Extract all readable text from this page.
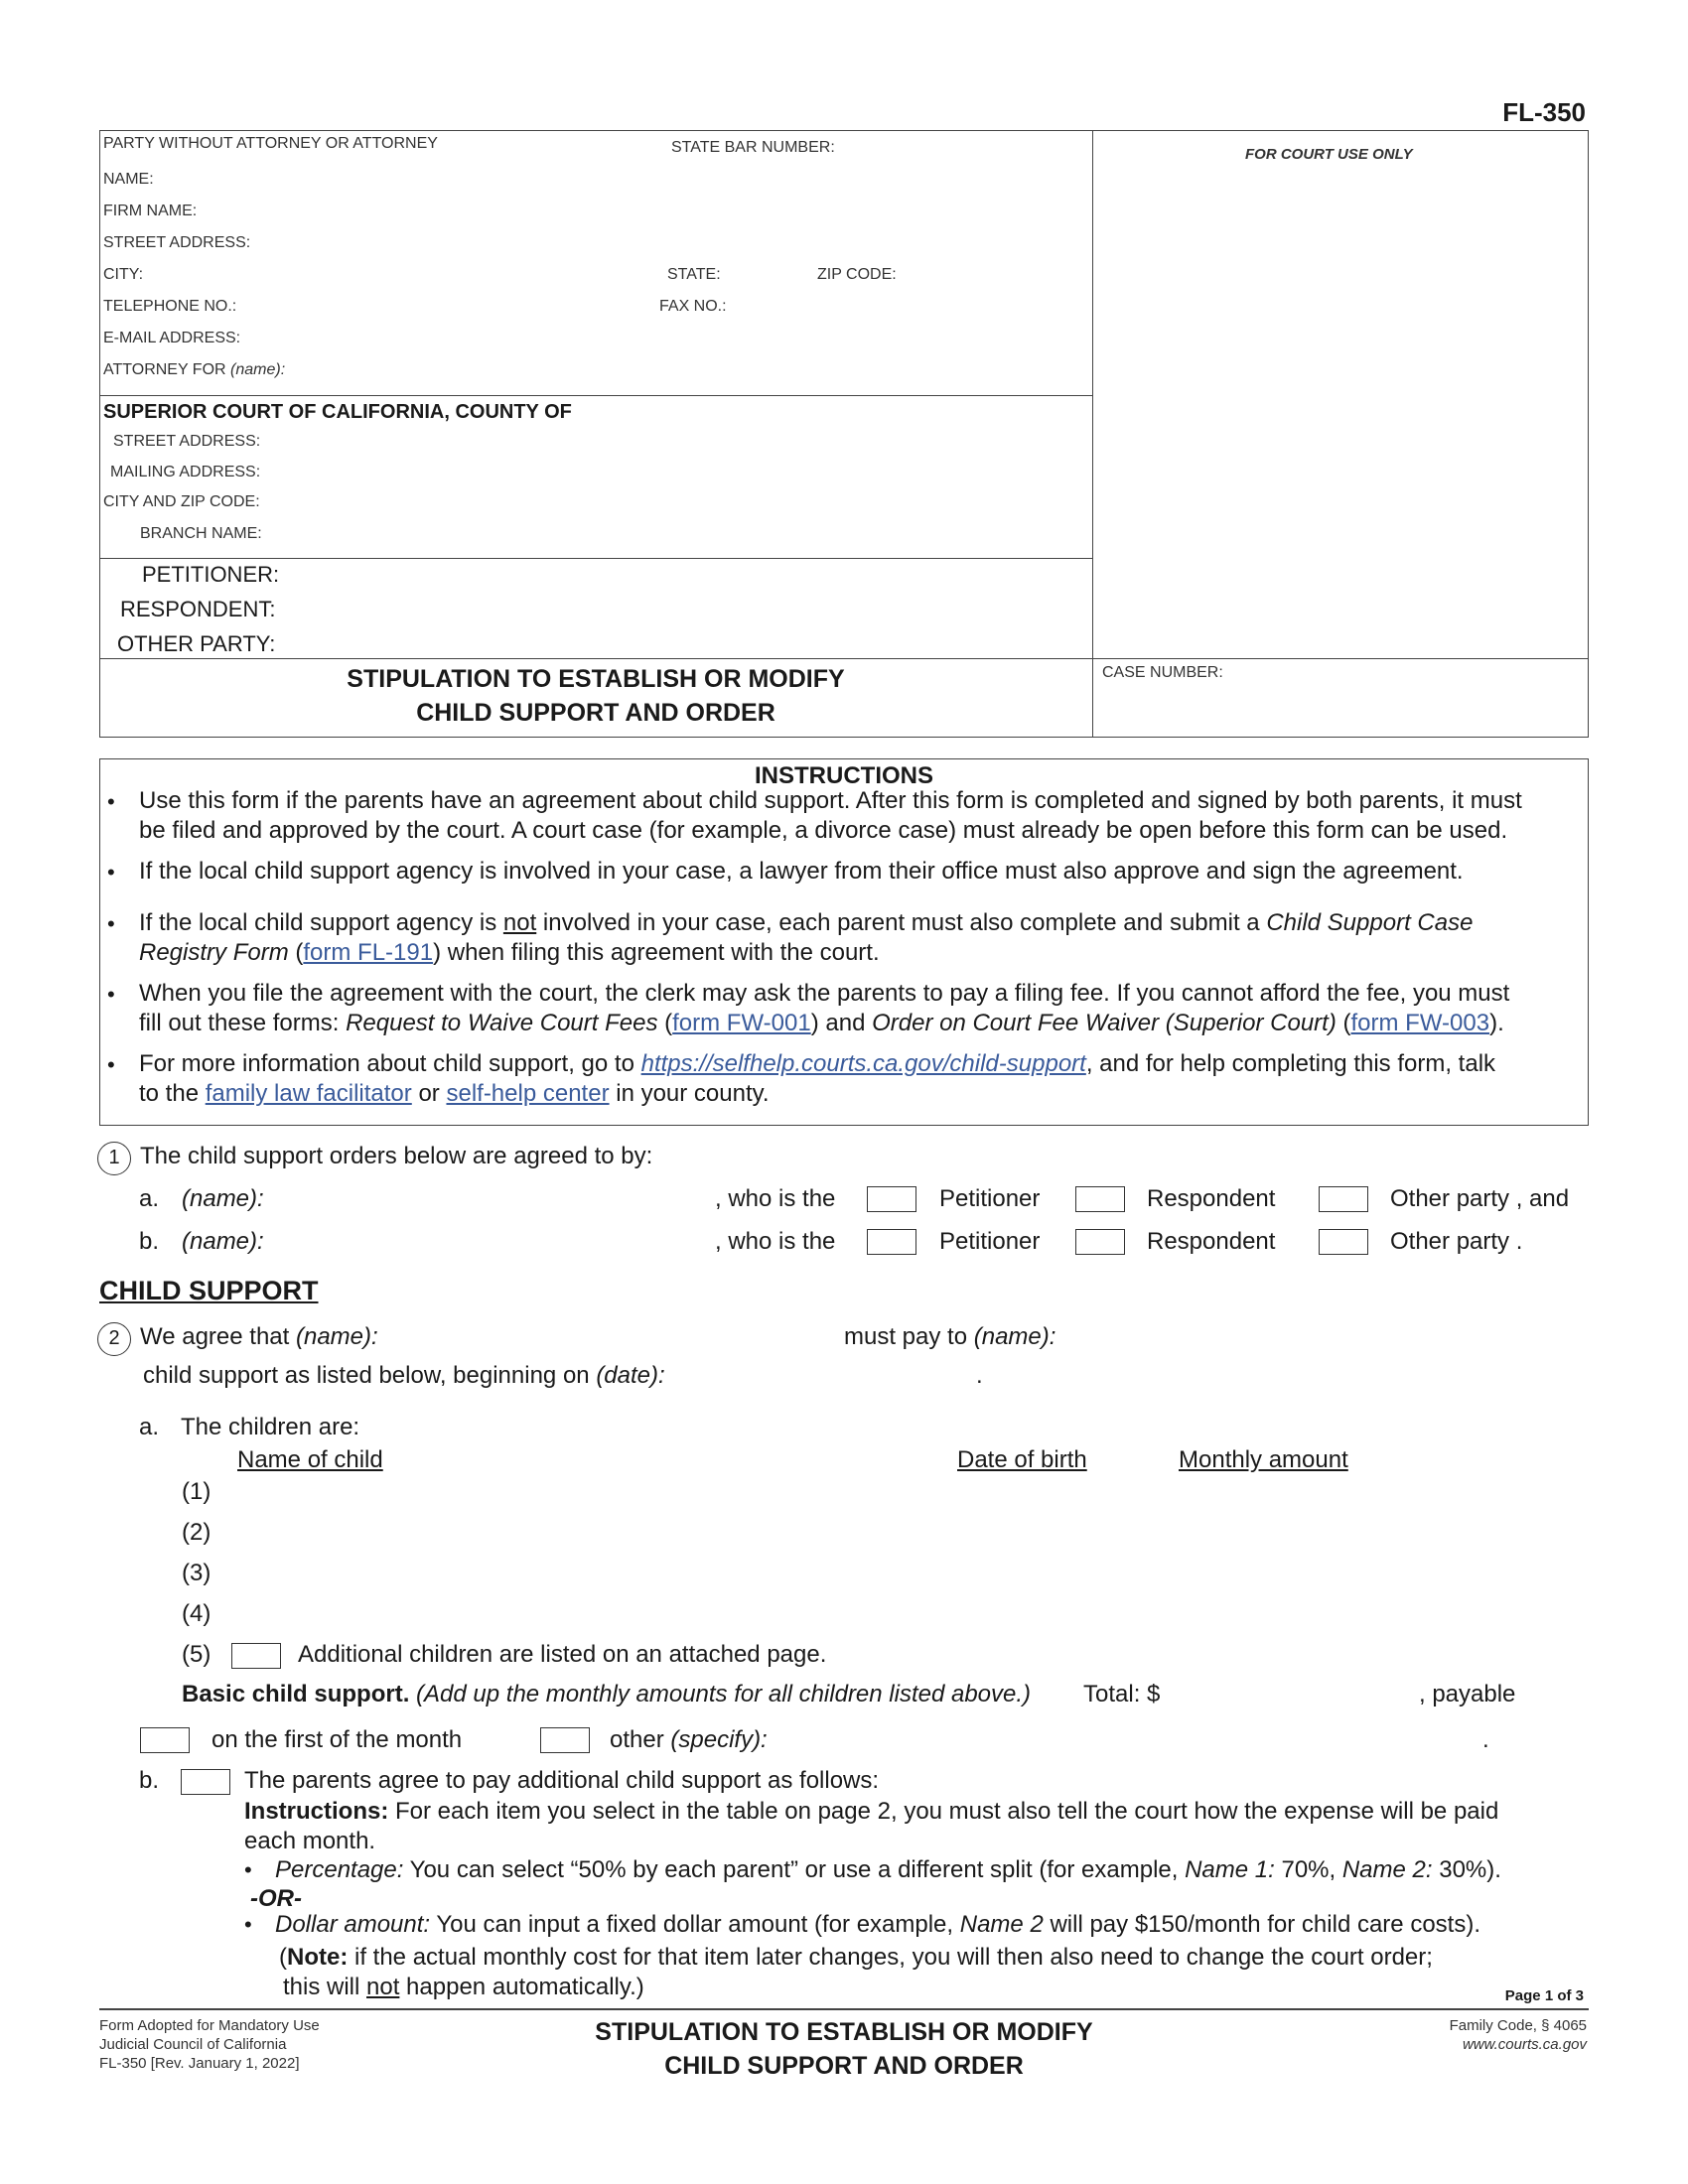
FL-350
PARTY WITHOUT ATTORNEY OR ATTORNEY	STATE BAR NUMBER:	FOR COURT USE ONLY
NAME:
FIRM NAME:
STREET ADDRESS:
CITY:	STATE:	ZIP CODE:
TELEPHONE NO.:	FAX NO.:
E-MAIL ADDRESS:
ATTORNEY FOR (name):
SUPERIOR COURT OF CALIFORNIA, COUNTY OF
STREET ADDRESS:
MAILING ADDRESS:
CITY AND ZIP CODE:
BRANCH NAME:
PETITIONER:
RESPONDENT:
OTHER PARTY:
STIPULATION TO ESTABLISH OR MODIFY
CHILD SUPPORT AND ORDER
CASE NUMBER:
INSTRUCTIONS
• Use this form if the parents have an agreement about child support. After this form is completed and signed by both parents, it must
be filed and approved by the court. A court case (for example, a divorce case) must already be open before this form can be used.
• If the local child support agency is involved in your case, a lawyer from their office must also approve and sign the agreement.
• If the local child support agency is not involved in your case, each parent must also complete and submit a Child Support Case
Registry Form (form FL-191) when filing this agreement with the court.
• When you file the agreement with the court, the clerk may ask the parents to pay a filing fee. If you cannot afford the fee, you must
fill out these forms: Request to Waive Court Fees (form FW-001) and Order on Court Fee Waiver (Superior Court) (form FW-003).
• For more information about child support, go to https://selfhelp.courts.ca.gov/child-support, and for help completing this form, talk
to the family law facilitator or self-help center in your county.
1 The child support orders below are agreed to by:
a. (name):	, who is the	Petitioner	Respondent	Other party , and
b. (name):	, who is the	Petitioner	Respondent	Other party .
CHILD SUPPORT
2 We agree that (name):	must pay to (name):
child support as listed below, beginning on (date):	.
a. The children are:
Name of child	Date of birth	Monthly amount
(1)
(2)
(3)
(4)
(5)	Additional children are listed on an attached page.
Basic child support. (Add up the monthly amounts for all children listed above.) Total: $	, payable
on the first of the month	other (specify):	.
b.	The parents agree to pay additional child support as follows:
Instructions: For each item you select in the table on page 2, you must also tell the court how the expense will be paid
each month.
• Percentage: You can select “50% by each parent” or use a different split (for example, Name 1: 70%, Name 2: 30%).
-OR-
• Dollar amount: You can input a fixed dollar amount (for example, Name 2 will pay $150/month for child care costs).
(Note: if the actual monthly cost for that item later changes, you will then also need to change the court order;
this will not happen automatically.)	Page 1 of 3
Form Adopted for Mandatory Use
Judicial Council of California
FL-350 [Rev. January 1, 2022]
STIPULATION TO ESTABLISH OR MODIFY
CHILD SUPPORT AND ORDER
Family Code, § 4065
www.courts.ca.gov
